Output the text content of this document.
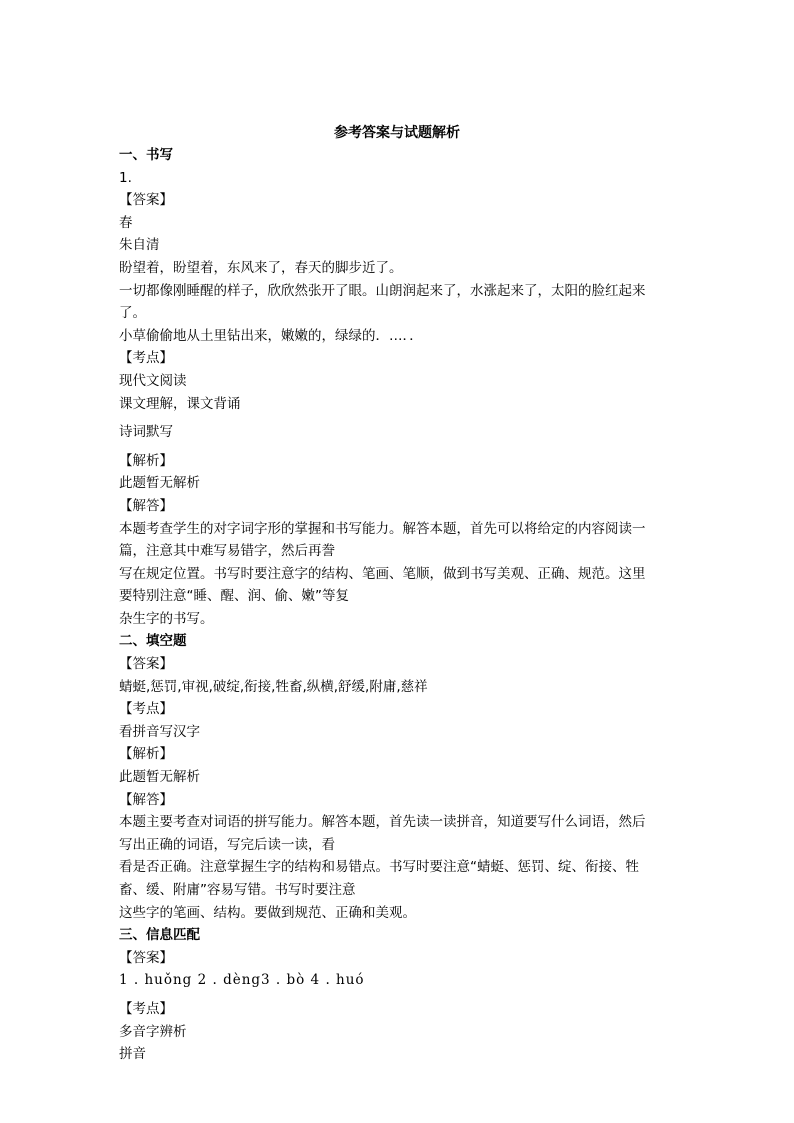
参考答案与试题解析
一、书写
1.
【答案】
春
朱自清
盼望着，盼望着，东风来了，春天的脚步近了。
一切都像刚睡醒的样子，欣欣然张开了眼。山朗润起来了，水涨起来了，太阳的脸红起来
了。
小草偷偷地从土里钻出来，嫩嫩的，绿绿的．…．．
【考点】
现代文阅读
课文理解，课文背诵
诗词默写
【解析】
此题暂无解析
【解答】
本题考查学生的对字词字形的掌握和书写能力。解答本题，首先可以将给定的内容阅读一
篇，注意其中难写易错字，然后再誊
写在规定位置。书写时要注意字的结构、笔画、笔顺，做到书写美观、正确、规范。这里
要特别注意“睡、醒、润、偷、嫩”等复
杂生字的书写。
二、填空题
【答案】
蜻蜓,惩罚,审视,破绽,衔接,牲畜,纵横,舒缓,附庸,慈祥
【考点】
看拼音写汉字
【解析】
此题暂无解析
【解答】
本题主要考查对词语的拼写能力。解答本题，首先读一读拼音，知道要写什么词语，然后
写出正确的词语，写完后读一读，看
看是否正确。注意掌握生字的结构和易错点。书写时要注意“蜻蜓、惩罚、绽、衔接、牲
畜、缓、附庸”容易写错。书写时要注意
这些字的笔画、结构。要做到规范、正确和美观。
三、信息匹配
【答案】
1 . huǒng 2 . dèng3 . bò 4 . huó
【考点】
多音字辨析
拼音
